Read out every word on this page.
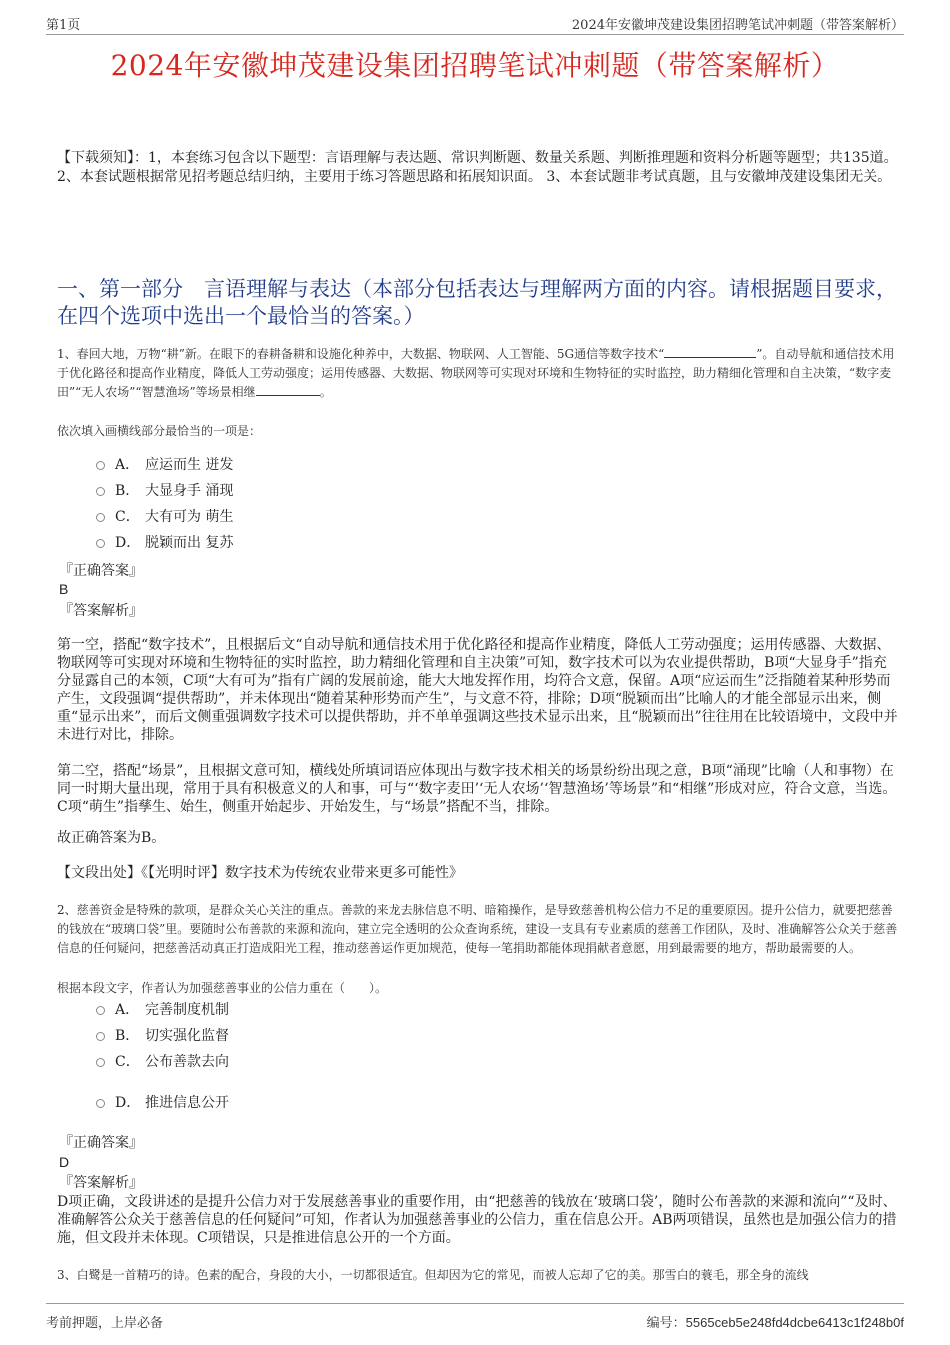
第1页	2024年安徽坤茂建设集团招聘笔试冲刺题（带答案解析）
2024年安徽坤茂建设集团招聘笔试冲刺题（带答案解析）
【下载须知】：1，本套练习包含以下题型：言语理解与表达题、常识判断题、数量关系题、判断推理题和资料分析题等题型；共135道。 2、本套试题根据常见招考题总结归纳，主要用于练习答题思路和拓展知识面。 3、本套试题非考试真题，且与安徽坤茂建设集团无关。
一、第一部分　言语理解与表达（本部分包括表达与理解两方面的内容。请根据题目要求，在四个选项中选出一个最恰当的答案。）
1、春回大地，万物“耕”新。在眼下的春耕备耕和设施化种养中，大数据、物联网、人工智能、5G通信等数字技术“	”。自动导航和通信技术用于优化路径和提高作业精度，降低人工劳动强度；运用传感器、大数据、物联网等可实现对环境和生物特征的实时监控，助力精细化管理和自主决策，“数字麦田”“无人农场”“智慧渔场”等场景相继	。
依次填入画横线部分最恰当的一项是：
A． 应运而生 迸发
B． 大显身手 涌现
C． 大有可为 萌生
D． 脱颖而出 复苏
『正确答案』
B
『答案解析』
第一空，搭配“数字技术”，且根据后文“自动导航和通信技术用于优化路径和提高作业精度，降低人工劳动强度；运用传感器、大数据、物联网等可实现对环境和生物特征的实时监控，助力精细化管理和自主决策”可知，数字技术可以为农业提供帮助，B项“大显身手”指充分显露自己的本领，C项“大有可为”指有广阔的发展前途，能大大地发挥作用，均符合文意，保留。A项“应运而生”泛指随着某种形势而产生，文段强调“提供帮助”，并未体现出“随着某种形势而产生”，与文意不符，排除；D项“脱颖而出”比喻人的才能全部显示出来，侧重“显示出来”，而后文侧重强调数字技术可以提供帮助，并不单单强调这些技术显示出来，且“脱颖而出”往往用在比较语境中，文段中并未进行对比，排除。
第二空，搭配“场景”，且根据文意可知，横线处所填词语应体现出与数字技术相关的场景纷纷出现之意，B项“涌现”比喻（人和事物）在同一时期大量出现，常用于具有积极意义的人和事，可与“‘数字麦田’‘无人农场’‘智慧渔场’等场景”和“相继”形成对应，符合文意，当选。C项“萌生”指孳生、始生，侧重开始起步、开始发生，与“场景”搭配不当，排除。
故正确答案为B。
【文段出处】《【光明时评】数字技术为传统农业带来更多可能性》
2、慈善资金是特殊的款项，是群众关心关注的重点。善款的来龙去脉信息不明、暗箱操作，是导致慈善机构公信力不足的重要原因。提升公信力，就要把慈善的钱放在“玻璃口袋”里。要随时公布善款的来源和流向，建立完全透明的公众查询系统，建设一支具有专业素质的慈善工作团队，及时、准确解答公众关于慈善信息的任何疑问，把慈善活动真正打造成阳光工程，推动慈善运作更加规范，使每一笔捐助都能体现捐献者意愿，用到最需要的地方，帮助最需要的人。
根据本段文字，作者认为加强慈善事业的公信力重在（　　）。
A． 完善制度机制
B． 切实强化监督
C． 公布善款去向
D． 推进信息公开
『正确答案』
D
『答案解析』
D项正确，文段讲述的是提升公信力对于发展慈善事业的重要作用，由“把慈善的钱放在‘玻璃口袋’，随时公布善款的来源和流向”“及时、准确解答公众关于慈善信息的任何疑问”可知，作者认为加强慈善事业的公信力，重在信息公开。AB两项错误，虽然也是加强公信力的措施，但文段并未体现。C项错误，只是推进信息公开的一个方面。
3、白鹭是一首精巧的诗。色素的配合，身段的大小，一切都很适宜。但却因为它的常见，而被人忘却了它的美。那雪白的蓑毛，那全身的流线
考前押题，上岸必备	编号：5565ceb5e248fd4dcbe6413c1f248b0f
